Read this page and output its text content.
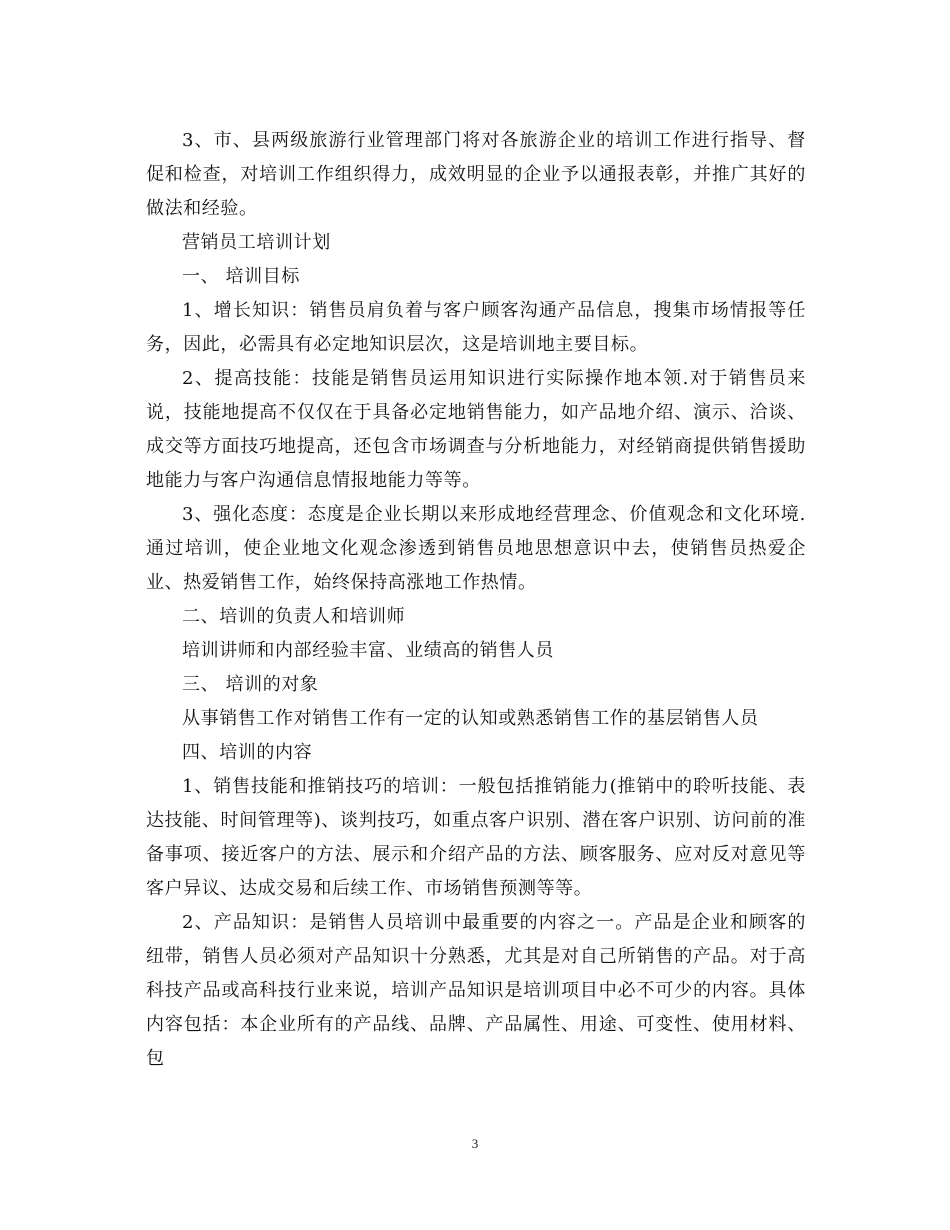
3、市、县两级旅游行业管理部门将对各旅游企业的培训工作进行指导、督促和检查，对培训工作组织得力，成效明显的企业予以通报表彰，并推广其好的做法和经验。

营销员工培训计划

一、 培训目标

1、增长知识：销售员肩负着与客户顾客沟通产品信息，搜集市场情报等任务，因此，必需具有必定地知识层次，这是培训地主要目标。

2、提高技能：技能是销售员运用知识进行实际操作地本领.对于销售员来说，技能地提高不仅仅在于具备必定地销售能力，如产品地介绍、演示、洽谈、成交等方面技巧地提高，还包含市场调查与分析地能力，对经销商提供销售援助地能力与客户沟通信息情报地能力等等。

3、强化态度：态度是企业长期以来形成地经营理念、价值观念和文化环境.通过培训，使企业地文化观念渗透到销售员地思想意识中去，使销售员热爱企业、热爱销售工作，始终保持高涨地工作热情。

二、培训的负责人和培训师

培训讲师和内部经验丰富、业绩高的销售人员

三、 培训的对象

从事销售工作对销售工作有一定的认知或熟悉销售工作的基层销售人员

四、培训的内容

1、销售技能和推销技巧的培训：一般包括推销能力(推销中的聆听技能、表达技能、时间管理等)、谈判技巧，如重点客户识别、潜在客户识别、访问前的准备事项、接近客户的方法、展示和介绍产品的方法、顾客服务、应对反对意见等客户异议、达成交易和后续工作、市场销售预测等等。

2、产品知识：是销售人员培训中最重要的内容之一。产品是企业和顾客的纽带，销售人员必须对产品知识十分熟悉，尤其是对自己所销售的产品。对于高科技产品或高科技行业来说，培训产品知识是培训项目中必不可少的内容。具体内容包括：本企业所有的产品线、品牌、产品属性、用途、可变性、使用材料、包

3
